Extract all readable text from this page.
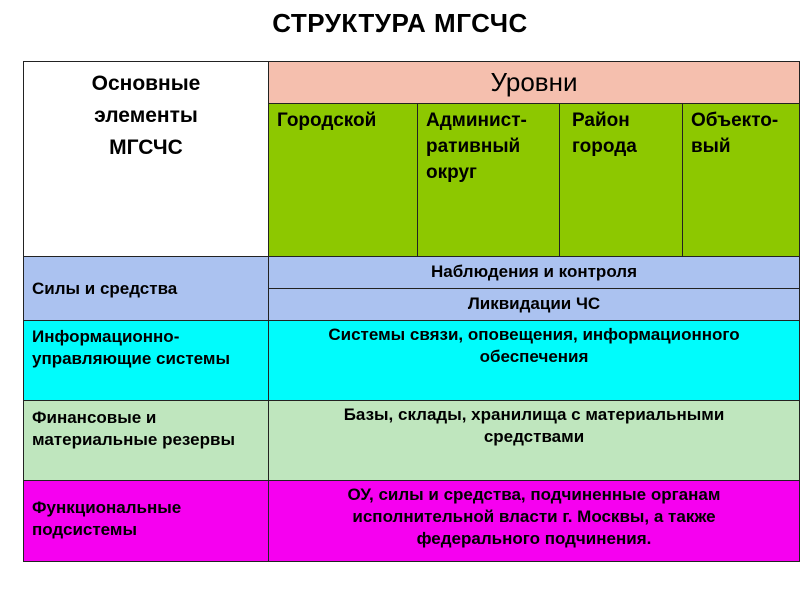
СТРУКТУРА МГСЧС
Основные элементы МГСЧС
Уровни
Городской	Админист-ративный округ
Район города
Объекто-вый
Силы и средства
Наблюдения и контроля
Ликвидации ЧС
Информационно-управляющие системы
Системы связи, оповещения, информационного обеспечения
Финансовые и материальные резервы
Базы, склады, хранилища с материальными средствами
Функциональные подсистемы
ОУ, силы и средства, подчиненные органам исполнительной власти г. Москвы, а также федерального подчинения.
